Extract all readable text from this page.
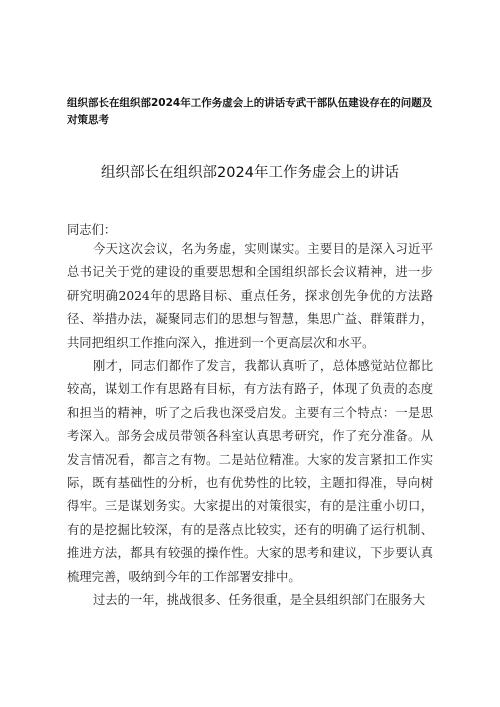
组织部长在组织部2024年工作务虚会上的讲话专武干部队伍建设存在的问题及对策思考
组织部长在组织部2024年工作务虚会上的讲话
同志们：

今天这次会议，名为务虚，实则谋实。主要目的是深入习近平总书记关于党的建设的重要思想和全国组织部长会议精神，进一步研究明确2024年的思路目标、重点任务，探求创先争优的方法路径、举措办法，凝聚同志们的思想与智慧，集思广益、群策群力，共同把组织工作推向深入，推进到一个更高层次和水平。

刚才，同志们都作了发言，我都认真听了，总体感觉站位都比较高，谋划工作有思路有目标，有方法有路子，体现了负责的态度和担当的精神，听了之后我也深受启发。主要有三个特点：一是思考深入。部务会成员带领各科室认真思考研究，作了充分准备。从发言情况看，都言之有物。二是站位精准。大家的发言紧扣工作实际，既有基础性的分析，也有优势性的比较，主题扣得准，导向树得牢。三是谋划务实。大家提出的对策很实，有的是注重小切口，有的是挖掘比较深，有的是落点比较实，还有的明确了运行机制、推进方法，都具有较强的操作性。大家的思考和建议，下步要认真梳理完善，吸纳到今年的工作部署安排中。

过去的一年，挑战很多、任务很重，是全县组织部门在服务大
